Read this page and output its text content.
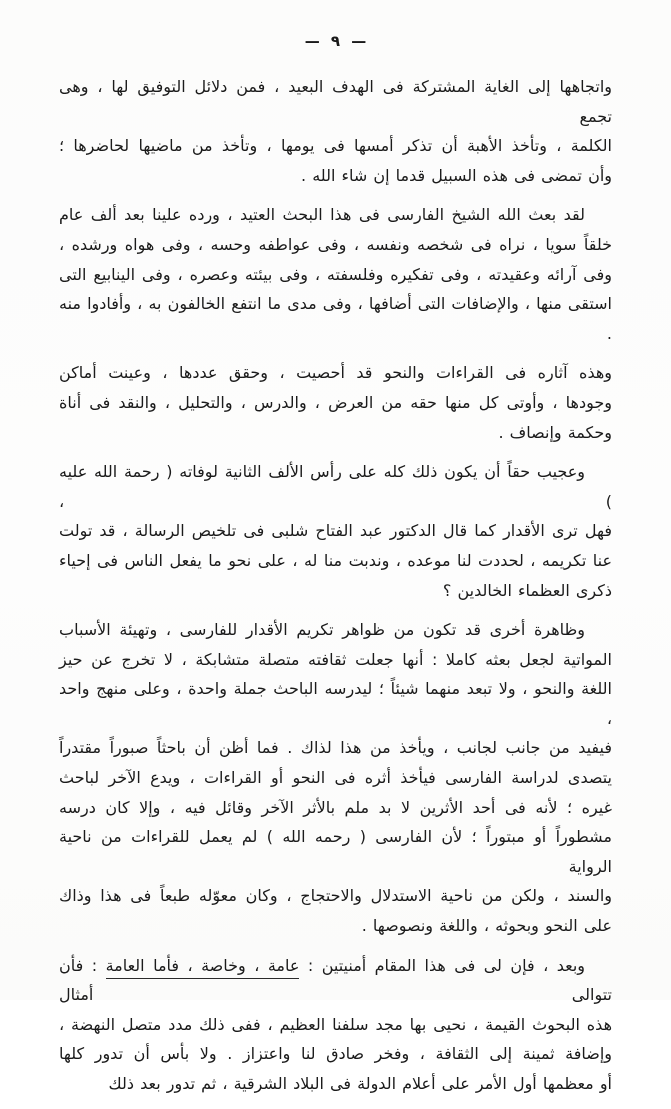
— ٩ —
واتجاهها إلى الغاية المشتركة فى الهدف البعيد ، فمن دلائل التوفيق لها ، وهى تجمع
الكلمة ، وتأخذ الأهبة أن تذكر أمسها فى يومها ، وتأخذ من ماضيها لحاضرها ؛
وأن تمضى فى هذه السبيل قدما إن شاء الله .
لقد بعث الله الشيخ الفارسى فى هذا البحث العتيد ، ورده علينا بعد ألف عام
خلقاً سويا ، نراه فى شخصه ونفسه ، وفى عواطفه وحسه ، وفى هواه ورشده ،
وفى آرائه وعقيدته ، وفى تفكيره وفلسفته ، وفى بيئته وعصره ، وفى الينابيع التى
استقى منها ، والإضافات التى أضافها ، وفى مدى ما انتفع الخالفون به ، وأفادوا منه .
وهذه آثاره فى القراءات والنحو قد أحصيت ، وحقق عددها ، وعينت أماكن
وجودها ، وأوتى كل منها حقه من العرض ، والدرس ، والتحليل ، والنقد فى أناة
وحكمة وإنصاف .
وعجيب حقاً أن يكون ذلك كله على رأس الألف الثانية لوفاته ( رحمة الله عليه ) ،
فهل ترى الأقدار كما قال الدكتور عبد الفتاح شلبى فى تلخيص الرسالة ، قد تولت
عنا تكريمه ، لحددت لنا موعده ، وندبت منا له ، على نحو ما يفعل الناس فى إحياء
ذكرى العظماء الخالدين ؟
وظاهرة أخرى قد تكون من ظواهر تكريم الأقدار للفارسى ، وتهيئة الأسباب
المواتية لجعل بعثه كاملا : أنها جعلت ثقافته متصلة متشابكة ، لا تخرج عن حيز
اللغة والنحو ، ولا تبعد منهما شيئاً ؛ ليدرسه الباحث جملة واحدة ، وعلى منهج واحد ،
فيفيد من جانب لجانب ، ويأخذ من هذا لذاك . فما أظن أن باحثاً صبوراً مقتدراً
يتصدى لدراسة الفارسى فيأخذ أثره فى النحو أو القراءات ، ويدع الآخر لباحث
غيره ؛ لأنه فى أحد الأثرين لا بد ملم بالأثر الآخر وقائل فيه ، وإلا كان درسه
مشطوراً أو مبتوراً ؛ لأن الفارسى ( رحمه الله ) لم يعمل للقراءات من ناحية الرواية
والسند ، ولكن من ناحية الاستدلال والاحتجاج ، وكان معوّله طبعاً فى هذا وذاك
على النحو وبحوثه ، واللغة ونصوصها .
وبعد ، فإن لى فى هذا المقام أمنيتين : عامة ، وخاصة ، فأما العامة : فأن تتوالى أمثال
هذه البحوث القيمة ، نحيى بها مجد سلفنا العظيم ، ففى ذلك مدد متصل النهضة ،
وإضافة ثمينة إلى الثقافة ، وفخر صادق لنا واعتزاز . ولا بأس أن تدور كلها
أو معظمها أول الأمر على أعلام الدولة فى البلاد الشرقية ، ثم تدور بعد ذلك
